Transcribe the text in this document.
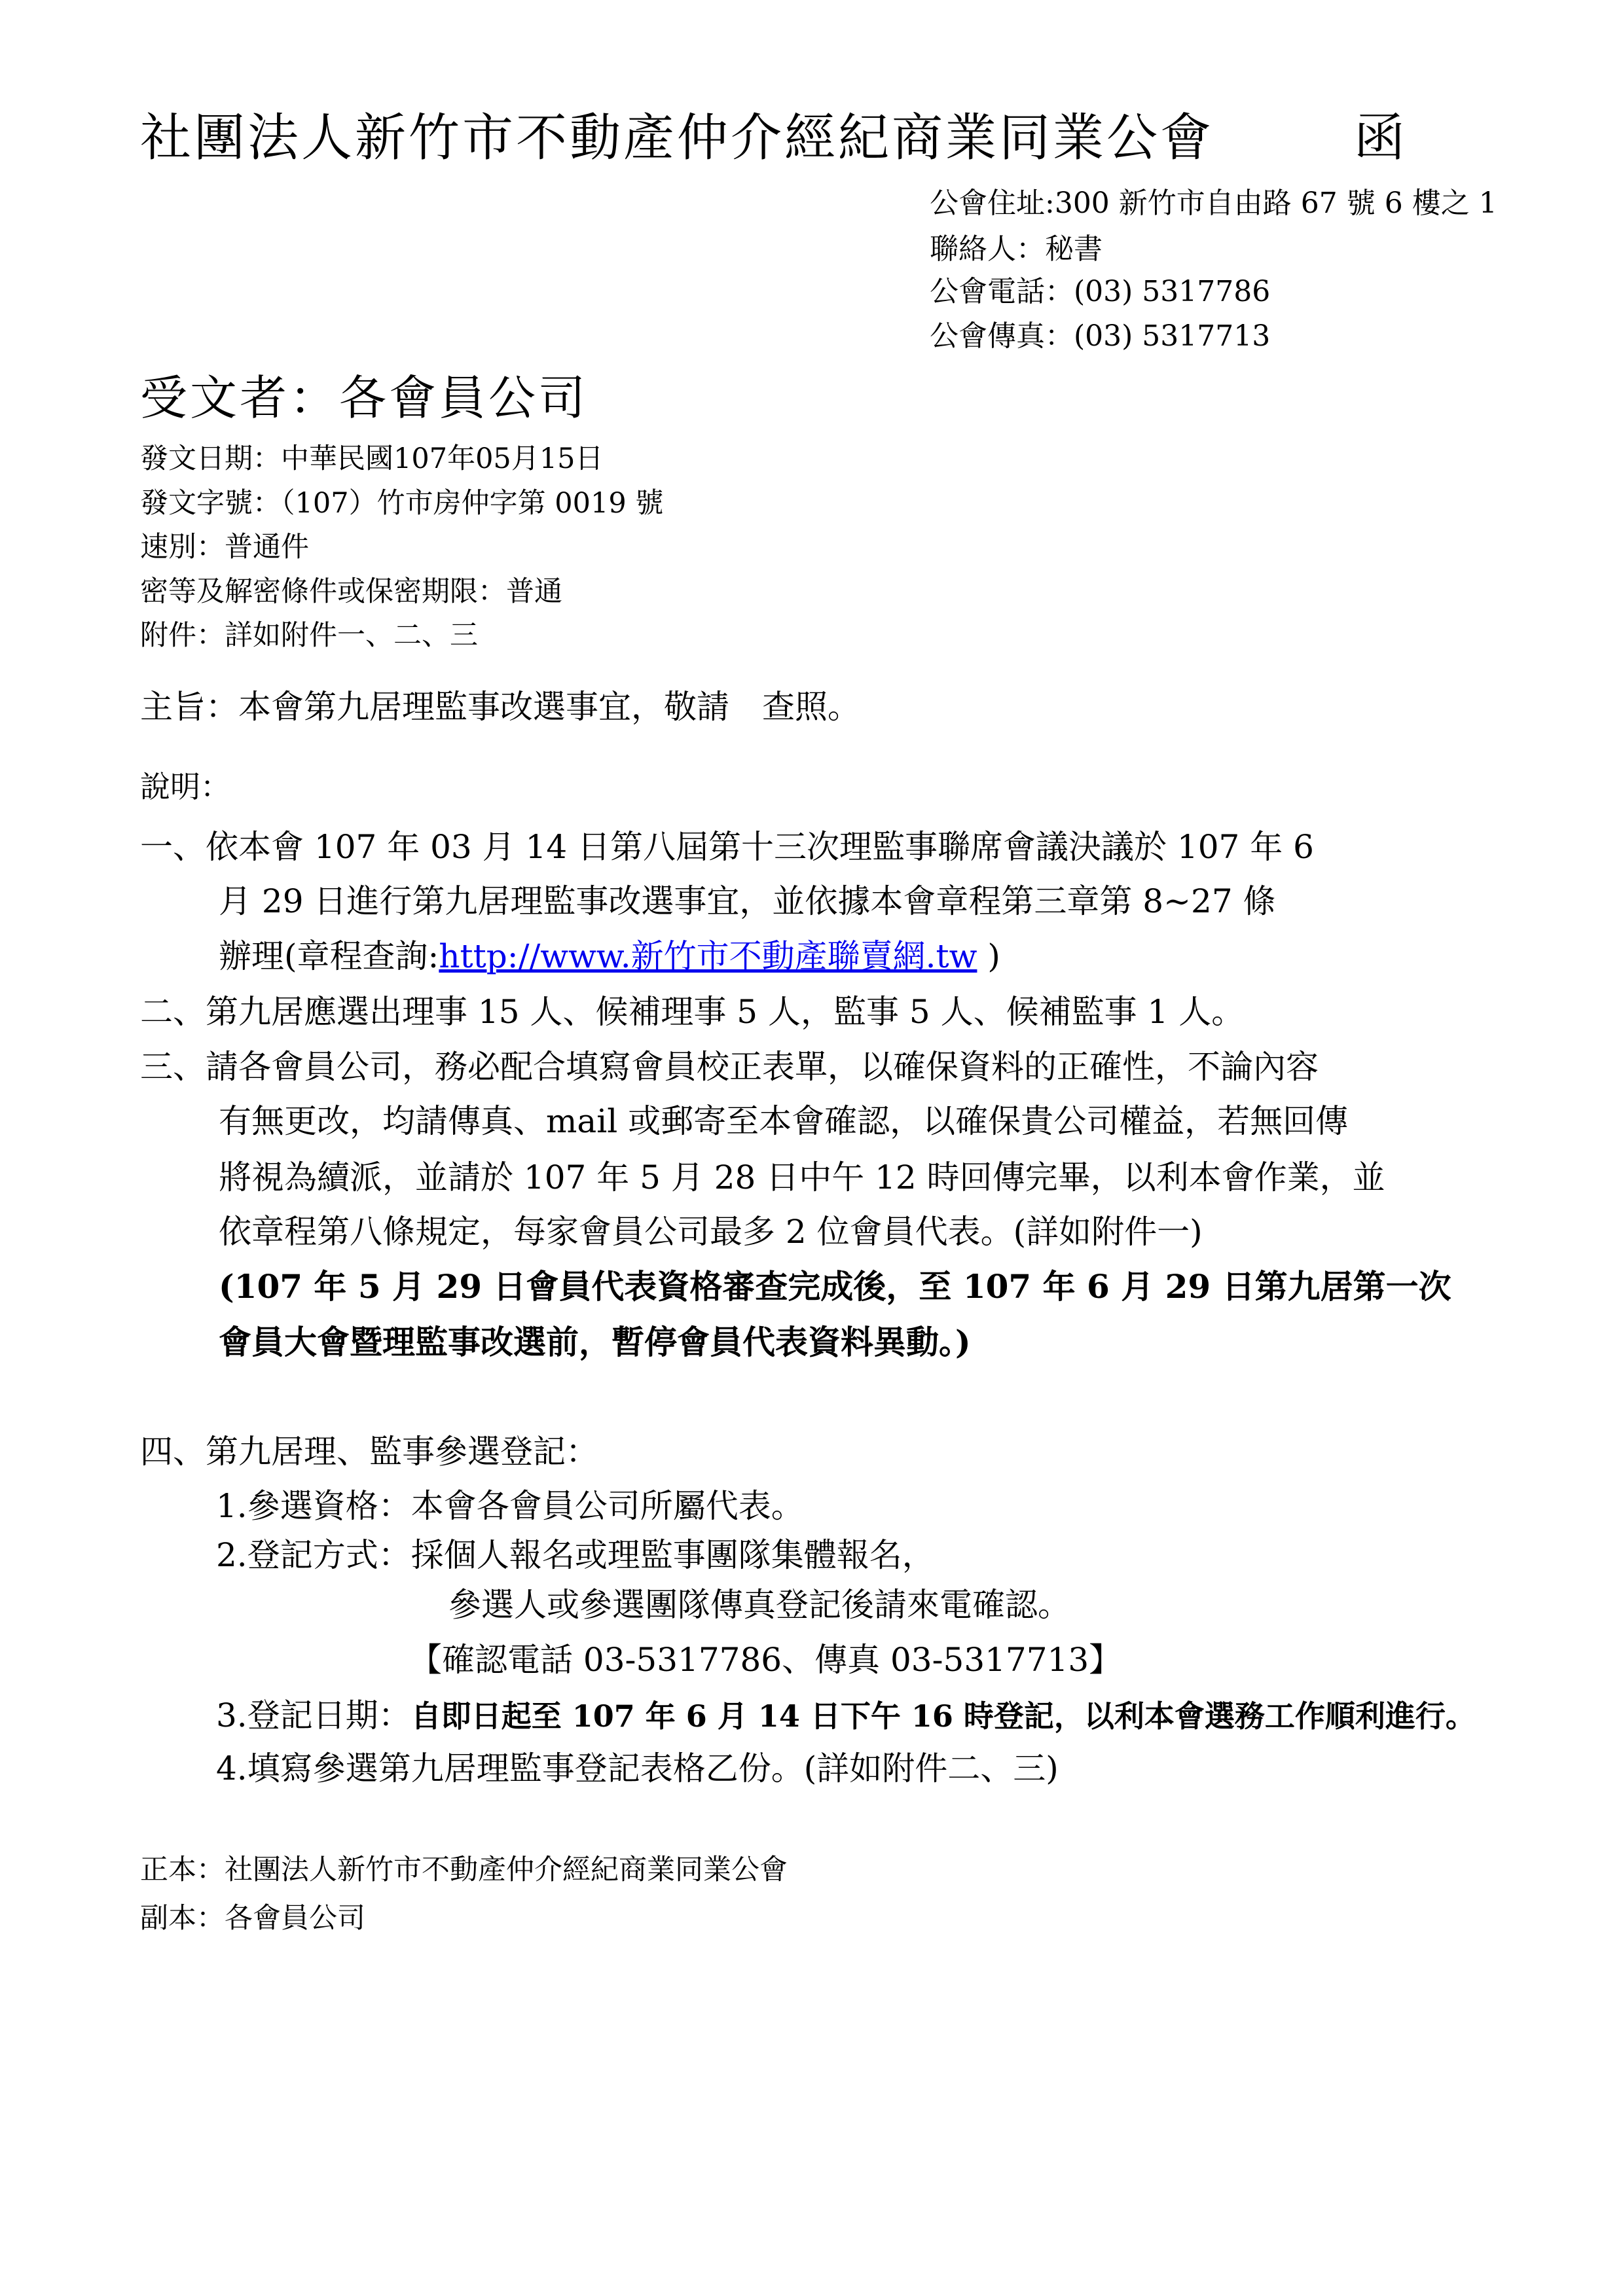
社團法人新竹市不動產仲介經紀商業同業公會	函
公會住址:300 新竹市自由路 67 號 6 樓之 1
聯絡人：秘書
公會電話：(03) 5317786
公會傳真：(03) 5317713
受文者：各會員公司
發文日期：中華民國107年05月15日
發文字號：（107）竹市房仲字第 0019 號
速別：普通件
密等及解密條件或保密期限：普通
附件：詳如附件一、二、三
主旨：本會第九居理監事改選事宜，敬請　查照。
說明：
一、依本會 107 年 03 月 14 日第八屆第十三次理監事聯席會議決議於 107 年 6
月 29 日進行第九居理監事改選事宜，並依據本會章程第三章第 8~27 條
辦理(章程查詢:http://www.新竹市不動產聯賣網.tw )
二、第九居應選出理事 15 人、候補理事 5 人，監事 5 人、候補監事 1 人。
三、請各會員公司，務必配合填寫會員校正表單，以確保資料的正確性，不論內容
有無更改，均請傳真、mail 或郵寄至本會確認，以確保貴公司權益，若無回傳
將視為續派，並請於 107 年 5 月 28 日中午 12 時回傳完畢，以利本會作業，並
依章程第八條規定，每家會員公司最多 2 位會員代表。(詳如附件一)
(107 年 5 月 29 日會員代表資格審查完成後，至 107 年 6 月 29 日第九居第一次
會員大會暨理監事改選前，暫停會員代表資料異動。)
四、第九居理、監事參選登記：
1.參選資格：本會各會員公司所屬代表。
2.登記方式：採個人報名或理監事團隊集體報名，
參選人或參選團隊傳真登記後請來電確認。
【確認電話 03-5317786、傳真 03-5317713】
3.登記日期：自即日起至 107 年 6 月 14 日下午 16 時登記，以利本會選務工作順利進行。
4.填寫參選第九居理監事登記表格乙份。(詳如附件二、三)
正本：社團法人新竹市不動產仲介經紀商業同業公會
副本：各會員公司
